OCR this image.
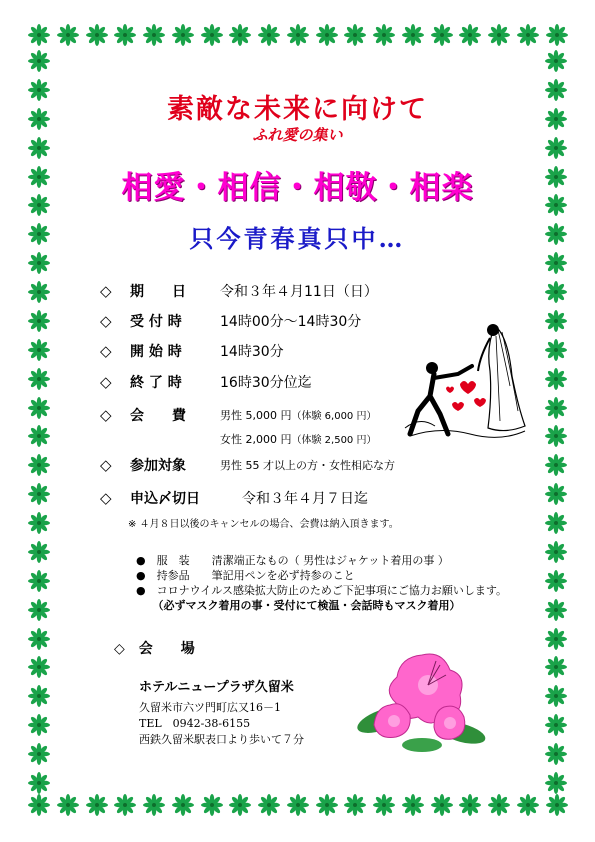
素敵な未来に向けて
ふれ愛の集い
相愛・相信・相敬・相楽
只今青春真只中…
◇	期　　日	令和３年４月11日（日）
◇	受 付 時	14時00分～14時30分
◇	開 始 時	14時30分
◇	終 了 時	16時30分位迄
◇	会　　費	男性 5,000 円（体験 6,000 円）
女性 2,000 円（体験 2,500 円）
◇	参加対象	男性 55 才以上の方・女性相応な方
◇	申込〆切日	令和３年４月７日迄
※ ４月８日以後のキャンセルの場合、会費は納入頂きます。
●　服　装　　清潔端正なもの（ 男性はジャケット着用の事 ）
●　持参品　　筆記用ペンを必ず持参のこと
●　コロナウイルス感染拡大防止のためご下記事項にご協力お願いします。
　　（必ずマスク着用の事・受付にて検温・会話時もマスク着用）
◇　会　　場
ホテルニュープラザ久留米
久留米市六ツ門町広又16－1
TEL　0942-38-6155
西鉄久留米駅表口より歩いて７分
